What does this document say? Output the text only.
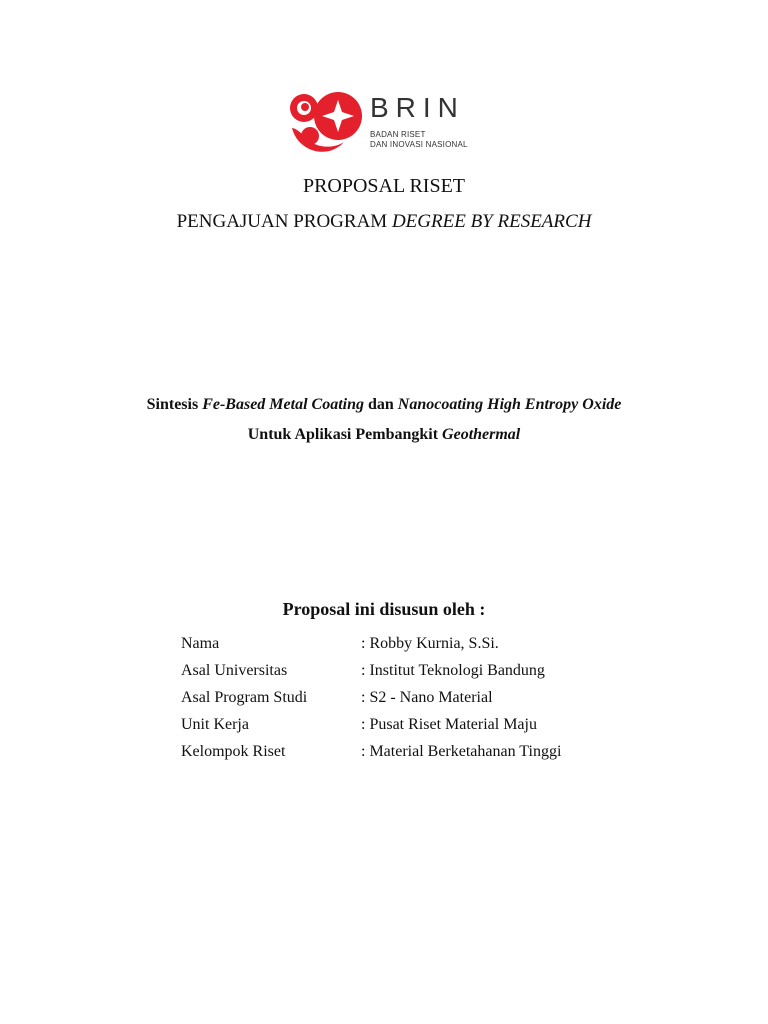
BRIN
BADAN RISET
DAN INOVASI NASIONAL
PROPOSAL RISET
PENGAJUAN PROGRAM DEGREE BY RESEARCH

Sintesis Fe-Based Metal Coating dan Nanocoating High Entropy Oxide

Untuk Aplikasi Pembangkit Geothermal

Proposal ini disusun oleh :

Nama	: Robby Kurnia, S.Si.
Asal Universitas	: Institut Teknologi Bandung
Asal Program Studi	: S2 - Nano Material
Unit Kerja	: Pusat Riset Material Maju
Kelompok Riset	: Material Berketahanan Tinggi
